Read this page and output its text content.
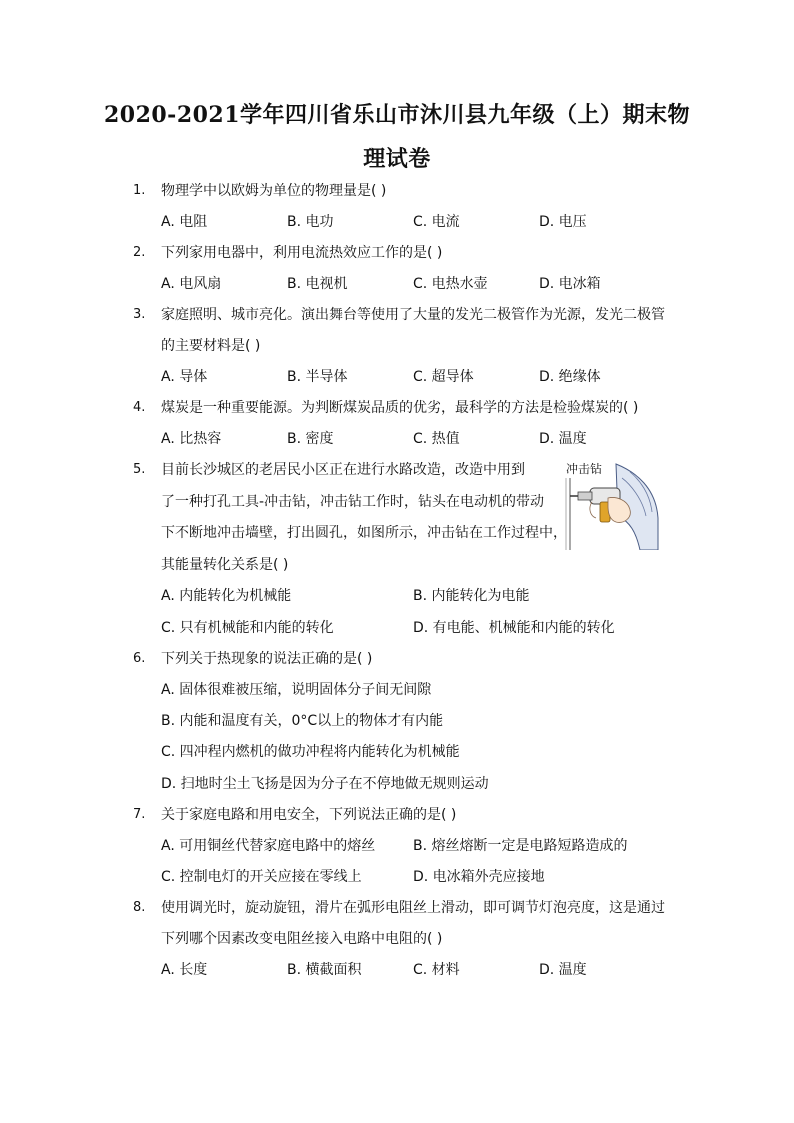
2020-2021学年四川省乐山市沐川县九年级（上）期末物
理试卷
1. 物理学中以欧姆为单位的物理量是( )
A. 电阻	B. 电功	C. 电流	D. 电压
2. 下列家用电器中，利用电流热效应工作的是( )
A. 电风扇	B. 电视机	C. 电热水壶	D. 电冰箱
3. 家庭照明、城市亮化。演出舞台等使用了大量的发光二极管作为光源，发光二极管
的主要材料是( )
A. 导体	B. 半导体	C. 超导体	D. 绝缘体
4. 煤炭是一种重要能源。为判断煤炭品质的优劣，最科学的方法是检验煤炭的( )
A. 比热容	B. 密度	C. 热值	D. 温度
5. 目前长沙城区的老居民小区正在进行水路改造，改造中用到
了一种打孔工具-冲击钻，冲击钻工作时，钻头在电动机的带动
下不断地冲击墙壁，打出圆孔，如图所示，冲击钻在工作过程中，
其能量转化关系是( )
A. 内能转化为机械能	B. 内能转化为电能
C. 只有机械能和内能的转化	D. 有电能、机械能和内能的转化
冲击钻
6. 下列关于热现象的说法正确的是( )
A. 固体很难被压缩，说明固体分子间无间隙
B. 内能和温度有关，0°C以上的物体才有内能
C. 四冲程内燃机的做功冲程将内能转化为机械能
D. 扫地时尘土飞扬是因为分子在不停地做无规则运动
7. 关于家庭电路和用电安全，下列说法正确的是( )
A. 可用铜丝代替家庭电路中的熔丝	B. 熔丝熔断一定是电路短路造成的
C. 控制电灯的开关应接在零线上	D. 电冰箱外壳应接地
8. 使用调光时，旋动旋钮，滑片在弧形电阻丝上滑动，即可调节灯泡亮度，这是通过
下列哪个因素改变电阻丝接入电路中电阻的( )
A. 长度	B. 横截面积	C. 材料	D. 温度
